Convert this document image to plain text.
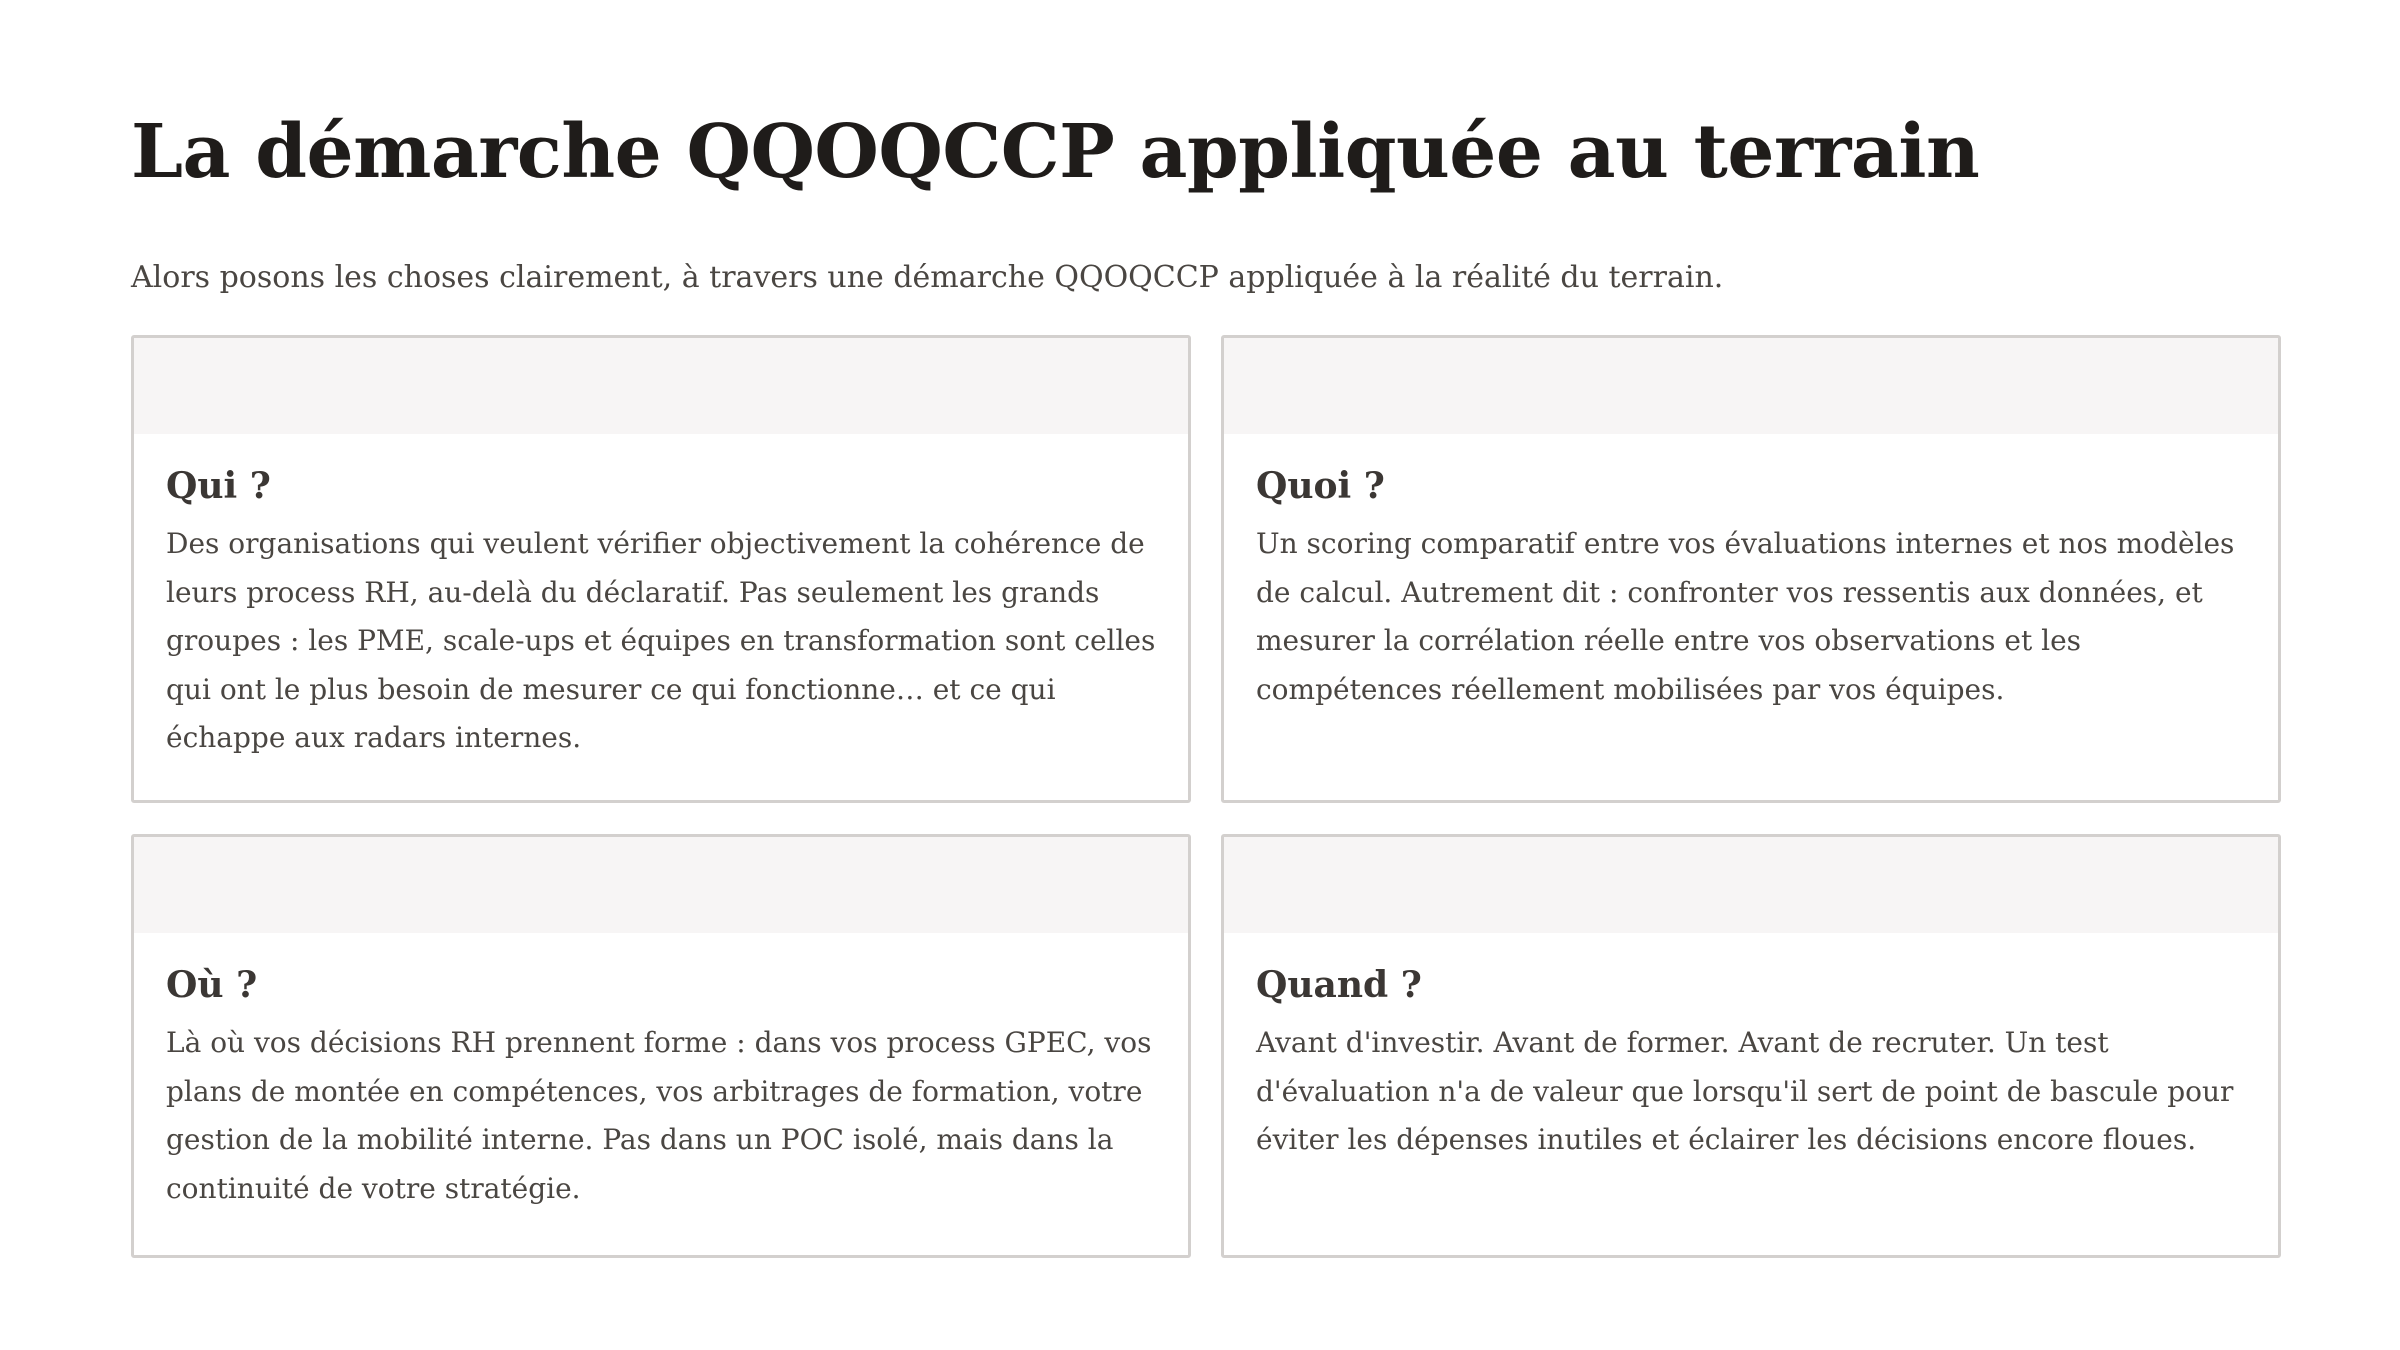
La démarche QQOQCCP appliquée au terrain

Alors posons les choses clairement, à travers une démarche QQOQCCP appliquée à la réalité du terrain.

Qui ?

Des organisations qui veulent vérifier objectivement la cohérence de leurs process RH, au-delà du déclaratif. Pas seulement les grands groupes : les PME, scale-ups et équipes en transformation sont celles qui ont le plus besoin de mesurer ce qui fonctionne… et ce qui échappe aux radars internes.

Quoi ?

Un scoring comparatif entre vos évaluations internes et nos modèles de calcul. Autrement dit : confronter vos ressentis aux données, et mesurer la corrélation réelle entre vos observations et les compétences réellement mobilisées par vos équipes.

Où ?

Là où vos décisions RH prennent forme : dans vos process GPEC, vos plans de montée en compétences, vos arbitrages de formation, votre gestion de la mobilité interne. Pas dans un POC isolé, mais dans la continuité de votre stratégie.

Quand ?

Avant d'investir. Avant de former. Avant de recruter. Un test d'évaluation n'a de valeur que lorsqu'il sert de point de bascule pour éviter les dépenses inutiles et éclairer les décisions encore floues.
